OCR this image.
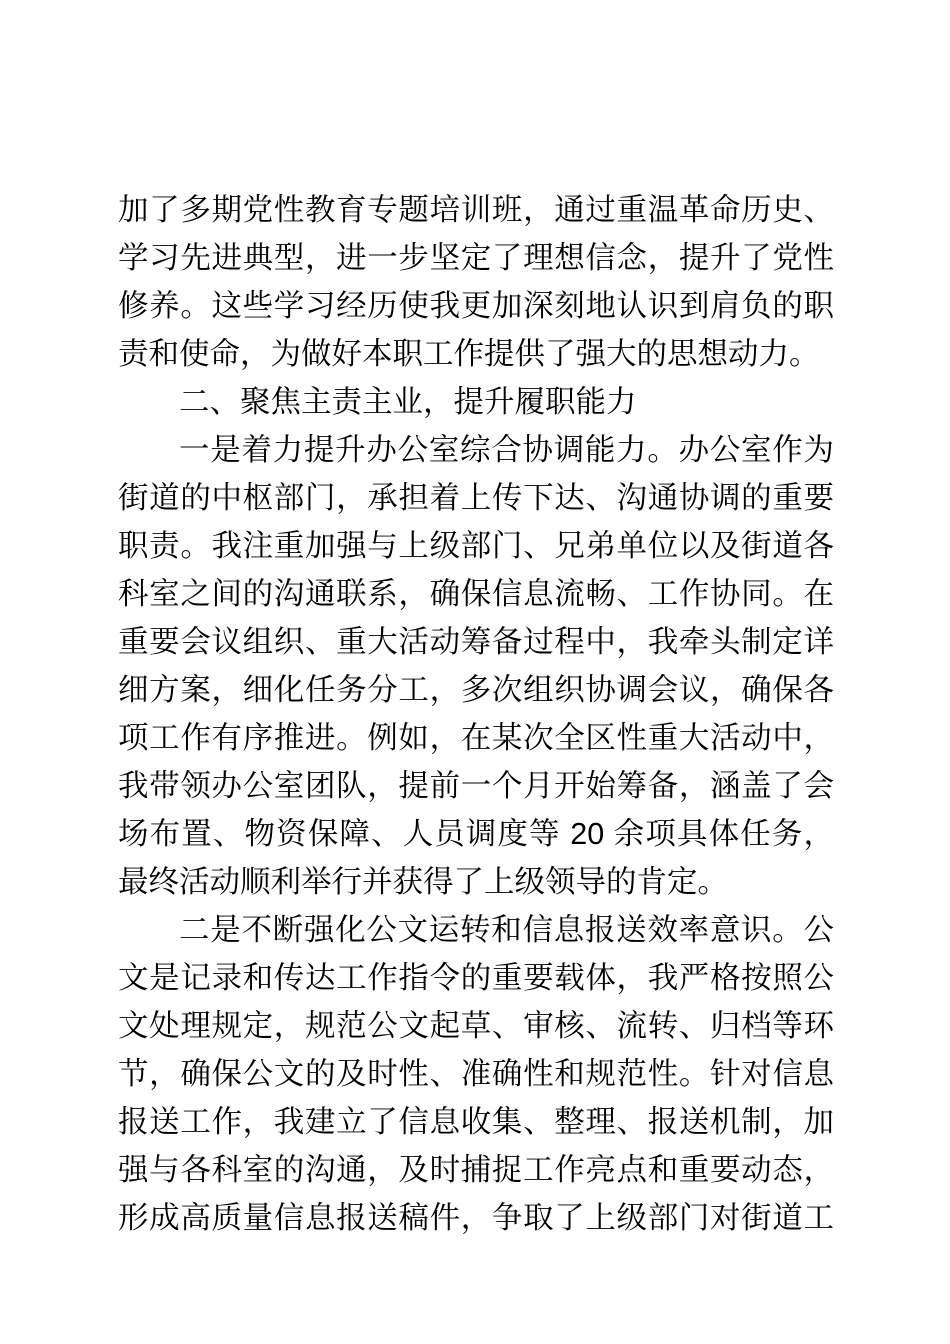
加了多期党性教育专题培训班，通过重温革命历史、学习先进典型，进一步坚定了理想信念，提升了党性修养。这些学习经历使我更加深刻地认识到肩负的职责和使命，为做好本职工作提供了强大的思想动力。

二、聚焦主责主业，提升履职能力

一是着力提升办公室综合协调能力。办公室作为街道的中枢部门，承担着上传下达、沟通协调的重要职责。我注重加强与上级部门、兄弟单位以及街道各科室之间的沟通联系，确保信息流畅、工作协同。在重要会议组织、重大活动筹备过程中，我牵头制定详细方案，细化任务分工，多次组织协调会议，确保各项工作有序推进。例如，在某次全区性重大活动中，我带领办公室团队，提前一个月开始筹备，涵盖了会场布置、物资保障、人员调度等 20 余项具体任务，最终活动顺利举行并获得了上级领导的肯定。

二是不断强化公文运转和信息报送效率意识。公文是记录和传达工作指令的重要载体，我严格按照公文处理规定，规范公文起草、审核、流转、归档等环节，确保公文的及时性、准确性和规范性。针对信息报送工作，我建立了信息收集、整理、报送机制，加强与各科室的沟通，及时捕捉工作亮点和重要动态，形成高质量信息报送稿件，争取了上级部门对街道工
